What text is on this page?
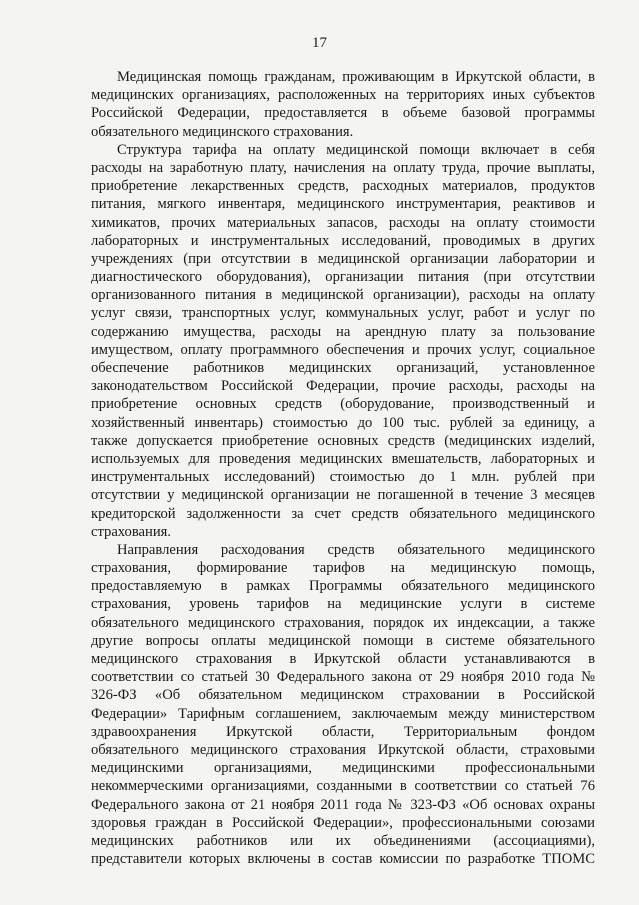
17

Медицинская помощь гражданам, проживающим в Иркутской области, в
медицинских организациях, расположенных на территориях иных субъектов
Российской Федерации, предоставляется в объеме базовой программы
обязательного медицинского страхования.

Структура тарифа на оплату медицинской помощи включает в себя
расходы на заработную плату, начисления на оплату труда, прочие выплаты,
приобретение лекарственных средств, расходных материалов, продуктов
питания, мягкого инвентаря, медицинского инструментария, реактивов и
химикатов, прочих материальных запасов, расходы на оплату стоимости
лабораторных и инструментальных исследований, проводимых в других
учреждениях (при отсутствии в медицинской организации лаборатории и
диагностического оборудования), организации питания (при отсутствии
организованного питания в медицинской организации), расходы на оплату
услуг связи, транспортных услуг, коммунальных услуг, работ и услуг по
содержанию имущества, расходы на арендную плату за пользование
имуществом, оплату программного обеспечения и прочих услуг, социальное
обеспечение работников медицинских организаций, установленное
законодательством Российской Федерации, прочие расходы, расходы на
приобретение основных средств (оборудование, производственный и
хозяйственный инвентарь) стоимостью до 100 тыс. рублей за единицу, а
также допускается приобретение основных средств (медицинских изделий,
используемых для проведения медицинских вмешательств, лабораторных и
инструментальных исследований) стоимостью до 1 млн. рублей при
отсутствии у медицинской организации не погашенной в течение 3 месяцев
кредиторской задолженности за счет средств обязательного медицинского
страхования.

Направления расходования средств обязательного медицинского
страхования, формирование тарифов на медицинскую помощь,
предоставляемую в рамках Программы обязательного медицинского
страхования, уровень тарифов на медицинские услуги в системе
обязательного медицинского страхования, порядок их индексации, а также
другие вопросы оплаты медицинской помощи в системе обязательного
медицинского страхования в Иркутской области устанавливаются в
соответствии со статьей 30 Федерального закона от 29 ноября 2010 года №
326-ФЗ «Об обязательном медицинском страховании в Российской
Федерации» Тарифным соглашением, заключаемым между министерством
здравоохранения Иркутской области, Территориальным фондом
обязательного медицинского страхования Иркутской области, страховыми
медицинскими организациями, медицинскими профессиональными
некоммерческими организациями, созданными в соответствии со статьей 76
Федерального закона от 21 ноября 2011 года № 323-ФЗ «Об основах охраны
здоровья граждан в Российской Федерации», профессиональными союзами
медицинских работников или их объединениями (ассоциациями),
представители которых включены в состав комиссии по разработке ТПОМС
